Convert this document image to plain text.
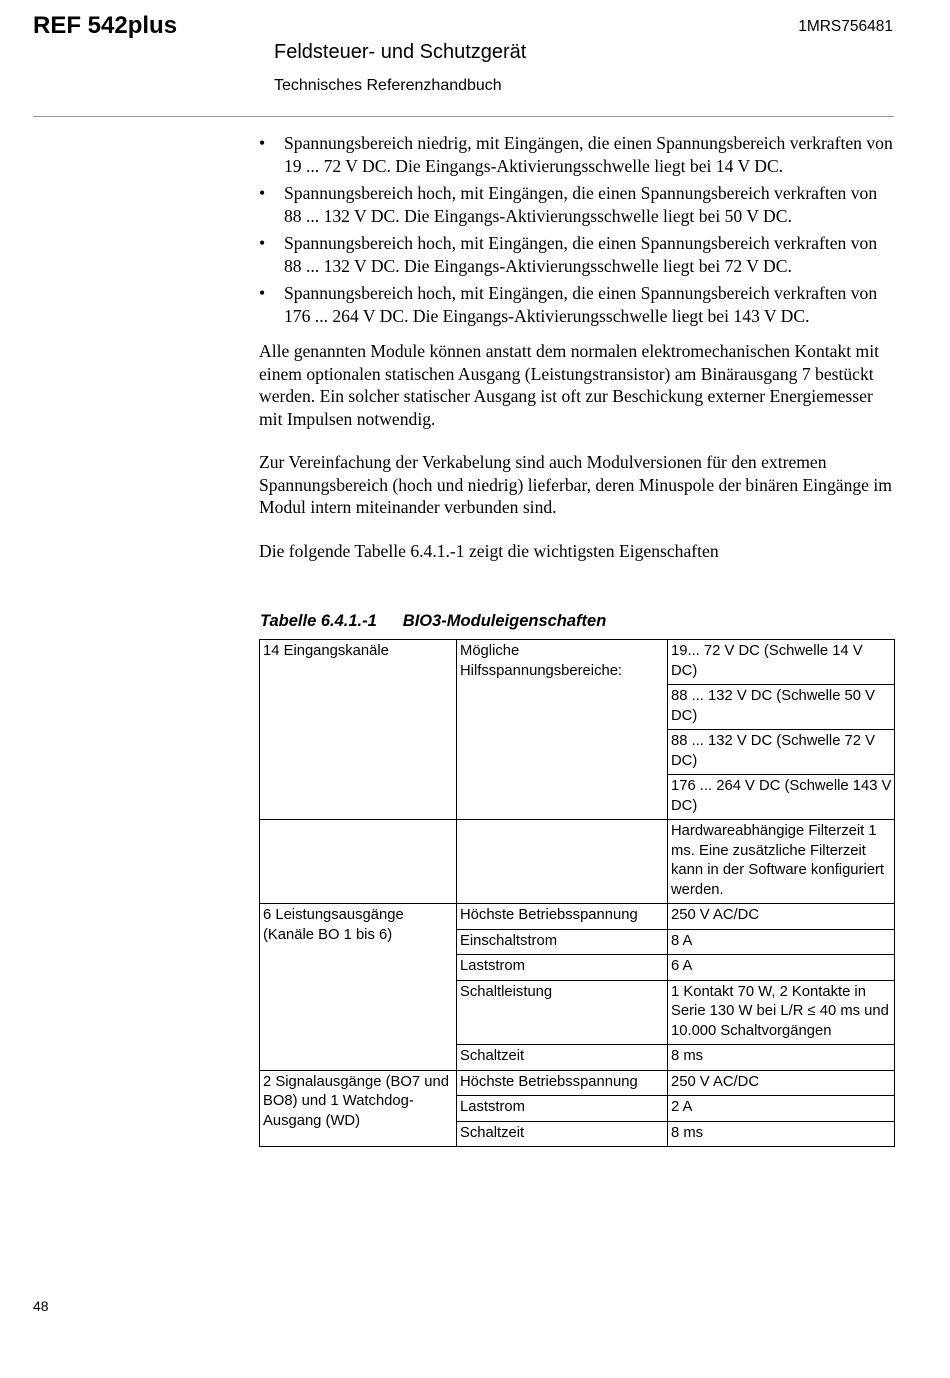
REF 542plus	1MRS756481
Feldsteuer- und Schutzgerät
Technisches Referenzhandbuch
• Spannungsbereich niedrig, mit Eingängen, die einen Spannungsbereich verkraften von 19 ... 72 V DC. Die Eingangs-Aktivierungsschwelle liegt bei 14 V DC.
• Spannungsbereich hoch, mit Eingängen, die einen Spannungsbereich verkraften von 88 ... 132 V DC. Die Eingangs-Aktivierungsschwelle liegt bei 50 V DC.
• Spannungsbereich hoch, mit Eingängen, die einen Spannungsbereich verkraften von 88 ... 132 V DC. Die Eingangs-Aktivierungsschwelle liegt bei 72 V DC.
• Spannungsbereich hoch, mit Eingängen, die einen Spannungsbereich verkraften von 176 ... 264 V DC. Die Eingangs-Aktivierungsschwelle liegt bei 143 V DC.

Alle genannten Module können anstatt dem normalen elektromechanischen Kontakt mit einem optionalen statischen Ausgang (Leistungstransistor) am Binärausgang 7 bestückt werden. Ein solcher statischer Ausgang ist oft zur Beschickung externer Energiemesser mit Impulsen notwendig.

Zur Vereinfachung der Verkabelung sind auch Modulversionen für den extremen Spannungsbereich (hoch und niedrig) lieferbar, deren Minuspole der binären Eingänge im Modul intern miteinander verbunden sind.

Die folgende Tabelle 6.4.1.-1 zeigt die wichtigsten Eigenschaften

Tabelle 6.4.1.-1 BIO3-Moduleigenschaften
14 Eingangskanäle	Mögliche Hilfsspannungsbereiche:	19... 72 V DC (Schwelle 14 V DC)
		88 ... 132 V DC (Schwelle 50 V DC)
		88 ... 132 V DC (Schwelle 72 V DC)
		176 ... 264 V DC (Schwelle 143 V DC)
		Hardwareabhängige Filterzeit 1 ms. Eine zusätzliche Filterzeit kann in der Software konfiguriert werden.
6 Leistungsausgänge (Kanäle BO 1 bis 6)	Höchste Betriebsspannung	250 V AC/DC
	Einschaltstrom	8 A
	Laststrom	6 A
	Schaltleistung	1 Kontakt 70 W, 2 Kontakte in Serie 130 W bei L/R ≤ 40 ms und 10.000 Schaltvorgängen
	Schaltzeit	8 ms
2 Signalausgänge (BO7 und BO8) und 1 Watchdog-Ausgang (WD)	Höchste Betriebsspannung	250 V AC/DC
	Laststrom	2 A
	Schaltzeit	8 ms
48
